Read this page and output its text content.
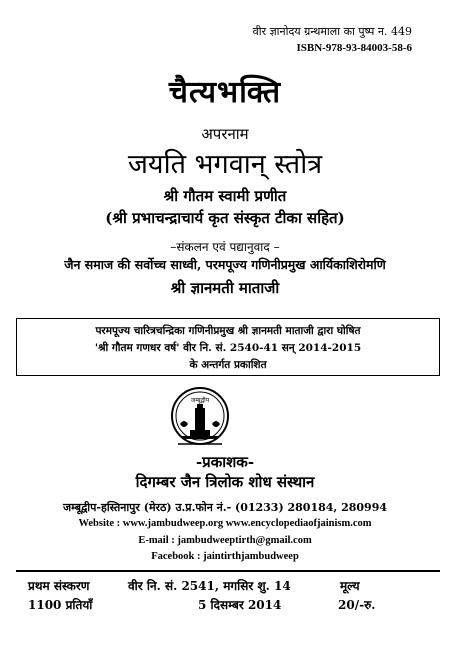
वीर ज्ञानोदय ग्रन्थमाला का पुष्प न. 449
ISBN-978-93-84003-58-6
चैत्यभक्ति
अपरनाम
जयति भगवान् स्तोत्र
श्री गौतम स्वामी प्रणीत
(श्री प्रभाचन्द्राचार्य कृत संस्कृत टीका सहित)
–संकलन एवं पद्यानुवाद –
जैन समाज की सर्वोच्च साध्वी, परमपूज्य गणिनीप्रमुख आर्यिकाशिरोमणि
श्री ज्ञानमती माताजी
परमपूज्य चारित्रचन्द्रिका गणिनीप्रमुख श्री ज्ञानमती माताजी द्वारा घोषित
'श्री गौतम गणधर वर्ष' वीर नि. सं. 2540-41 सन् 2014-2015
के अन्तर्गत प्रकाशित
जम्बूद्वीप
-प्रकाशक-
दिगम्बर जैन त्रिलोक शोध संस्थान
जम्बूद्वीप-हस्तिनापुर (मेरठ) उ.प्र.फोन नं.- (01233) 280184, 280994
Website : www.jambudweep.org www.encyclopediaofjainism.com
E-mail : jambudweeptirth@gmail.com
Facebook : jaintirthjambudweep
प्रथम संस्करण	वीर नि. सं. 2541, मगसिर शु. 14	मूल्य
1100 प्रतियाँ	5 दिसम्बर 2014	20/-रु.
